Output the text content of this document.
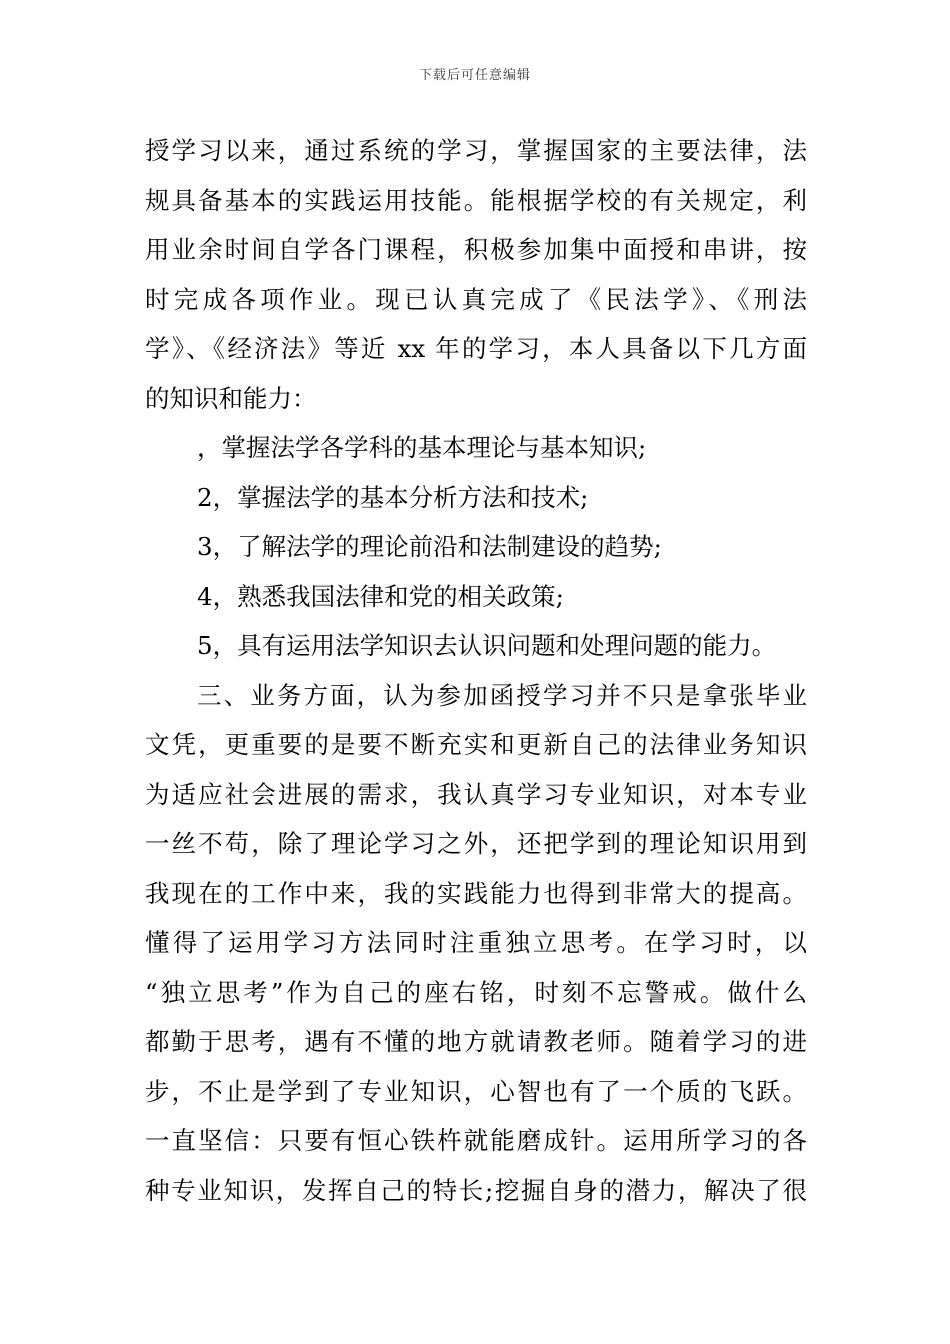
下载后可任意编辑
授学习以来，通过系统的学习，掌握国家的主要法律，法
规具备基本的实践运用技能。能根据学校的有关规定，利
用业余时间自学各门课程，积极参加集中面授和串讲，按
时完成各项作业。现已认真完成了《民法学》、《刑法
学》、《经济法》等近 xx 年的学习，本人具备以下几方面
的知识和能力：
，掌握法学各学科的基本理论与基本知识;
2，掌握法学的基本分析方法和技术;
3，了解法学的理论前沿和法制建设的趋势;
4，熟悉我国法律和党的相关政策;
5，具有运用法学知识去认识问题和处理问题的能力。
三、业务方面，认为参加函授学习并不只是拿张毕业
文凭，更重要的是要不断充实和更新自己的法律业务知识
为适应社会进展的需求，我认真学习专业知识，对本专业
一丝不苟，除了理论学习之外，还把学到的理论知识用到
我现在的工作中来，我的实践能力也得到非常大的提高。
懂得了运用学习方法同时注重独立思考。在学习时，以
“独立思考”作为自己的座右铭，时刻不忘警戒。做什么
都勤于思考，遇有不懂的地方就请教老师。随着学习的进
步，不止是学到了专业知识，心智也有了一个质的飞跃。
一直坚信：只要有恒心铁杵就能磨成针。运用所学习的各
种专业知识，发挥自己的特长;挖掘自身的潜力，解决了很
